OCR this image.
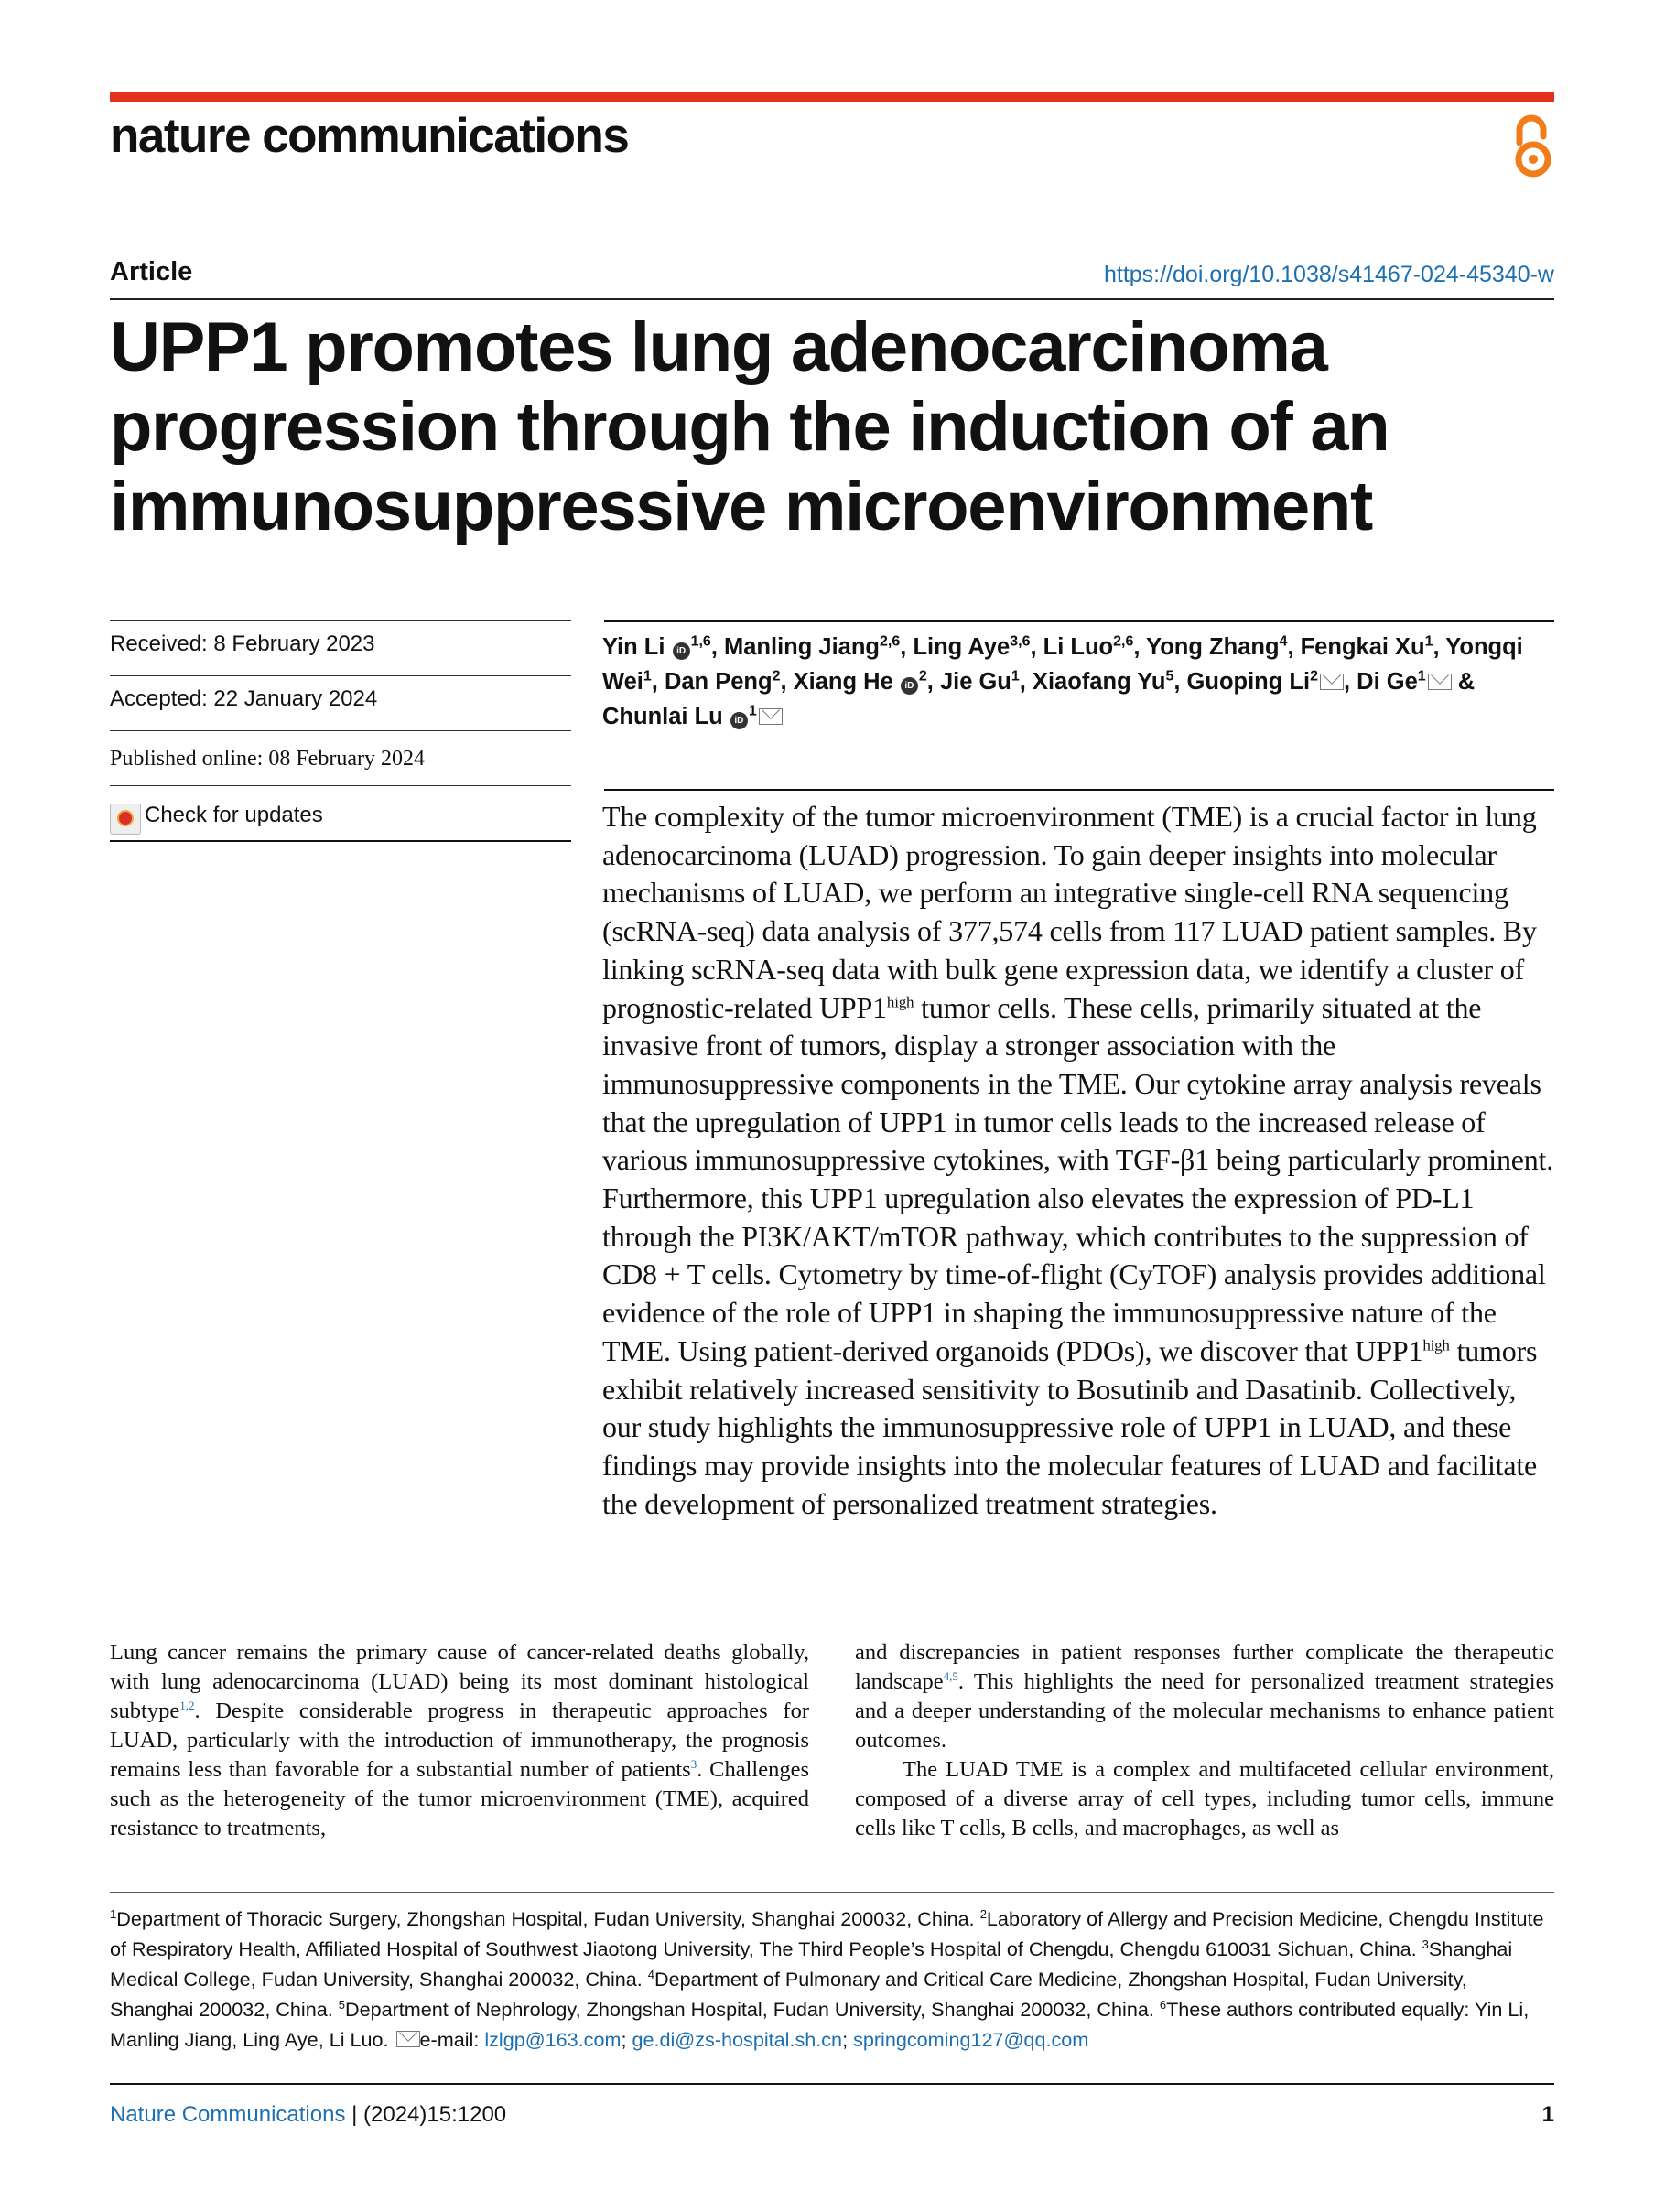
nature communications
Article	https://doi.org/10.1038/s41467-024-45340-w
UPP1 promotes lung adenocarcinoma progression through the induction of an immunosuppressive microenvironment
Received: 8 February 2023
Accepted: 22 January 2024
Published online: 08 February 2024
Check for updates
Yin Li iD$^{1,6}$, Manling Jiang$^{2,6}$, Ling Aye$^{3,6}$, Li Luo$^{2,6}$, Yong Zhang$^4$, Fengkai Xu$^1$, Yongqi Wei$^1$, Dan Peng$^2$, Xiang He $iD^2$, Jie Gu$^1$, Xiaofang Yu$^5$, Guoping Li$^2$ , Di Ge$^1$ & Chunlai Lu $iD^1$

The complexity of the tumor microenvironment (TME) is a crucial factor in lung adenocarcinoma (LUAD) progression. To gain deeper insights into molecular mechanisms of LUAD, we perform an integrative single-cell RNA sequencing (scRNA-seq) data analysis of 377,574 cells from 117 LUAD patient samples. By linking scRNA-seq data with bulk gene expression data, we identify a cluster of prognostic-related $UPP1^{high}$ tumor cells. These cells, primarily situated at the invasive front of tumors, display a stronger association with the immunosuppressive components in the TME. Our cytokine array analysis reveals that the upregulation of UPP1 in tumor cells leads to the increased release of various immunosuppressive cytokines, with TGF-β1 being particularly prominent. Furthermore, this UPP1 upregulation also elevates the expression of PD-L1 through the PI3K/AKT/mTOR pathway, which contributes to the suppression of CD8 + T cells. Cytometry by time-of-flight (CyTOF) analysis provides additional evidence of the role of UPP1 in shaping the immunosuppressive nature of the TME. Using patient-derived organoids (PDOs), we discover that $UPP1^{high}$ tumors exhibit relatively increased sensitivity to Bosutinib and Dasatinib. Collectively, our study highlights the immunosuppressive role of UPP1 in LUAD, and these findings may provide insights into the molecular features of LUAD and facilitate the development of personalized treatment strategies.

Lung cancer remains the primary cause of cancer-related deaths globally, with lung adenocarcinoma (LUAD) being its most dominant histological subtype$^{1,2}$. Despite considerable progress in therapeutic approaches for LUAD, particularly with the introduction of immunotherapy, the prognosis remains less than favorable for a substantial number of patients$^3$. Challenges such as the heterogeneity of the tumor microenvironment (TME), acquired resistance to treatments,

and discrepancies in patient responses further complicate the therapeutic landscape$^{4,5}$. This highlights the need for personalized treatment strategies and a deeper understanding of the molecular mechanisms to enhance patient outcomes.

The LUAD TME is a complex and multifaceted cellular environment, composed of a diverse array of cell types, including tumor cells, immune cells like T cells, B cells, and macrophages, as well as

$^1$Department of Thoracic Surgery, Zhongshan Hospital, Fudan University, Shanghai 200032, China. $^2$Laboratory of Allergy and Precision Medicine, Chengdu Institute of Respiratory Health, Affiliated Hospital of Southwest Jiaotong University, The Third People’s Hospital of Chengdu, Chengdu 610031 Sichuan, China. $^3$Shanghai Medical College, Fudan University, Shanghai 200032, China. $^4$Department of Pulmonary and Critical Care Medicine, Zhongshan Hospital, Fudan University, Shanghai 200032, China. $^5$Department of Nephrology, Zhongshan Hospital, Fudan University, Shanghai 200032, China. $^6$These authors contributed equally: Yin Li, Manling Jiang, Ling Aye, Li Luo. e-mail: lzlgp@163.com; ge.di@zs-hospital.sh.cn; springcoming127@qq.com

Nature Communications | (2024)15:1200	1
